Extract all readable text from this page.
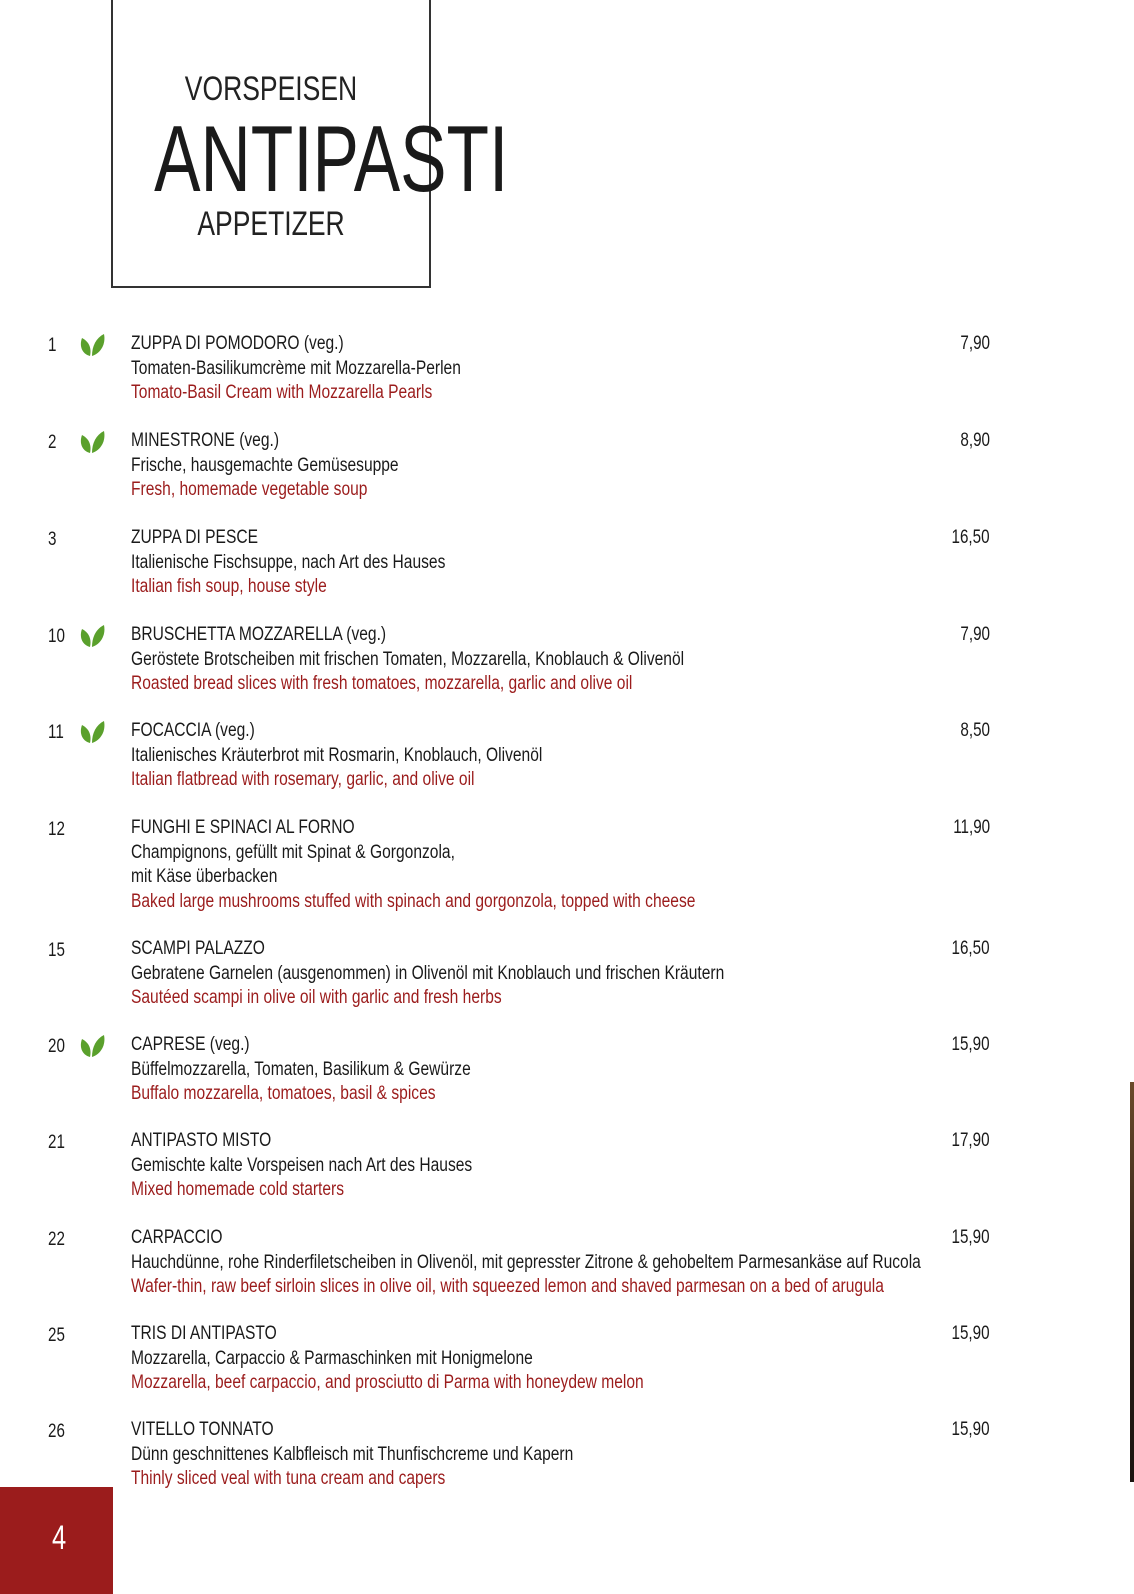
VORSPEISEN
ANTIPASTI
APPETIZER
1	ZUPPA DI POMODORO (veg.)
Tomaten-Basilikumcrème mit Mozzarella-Perlen
Tomato-Basil Cream with Mozzarella Pearls
7,90
2	MINESTRONE (veg.)
Frische, hausgemachte Gemüsesuppe
Fresh, homemade vegetable soup
8,90
3	ZUPPA DI PESCE
Italienische Fischsuppe, nach Art des Hauses
Italian fish soup, house style
16,50
10	BRUSCHETTA MOZZARELLA (veg.)
Geröstete Brotscheiben mit frischen Tomaten, Mozzarella, Knoblauch & Olivenöl
Roasted bread slices with fresh tomatoes, mozzarella, garlic and olive oil
7,90
11	FOCACCIA (veg.)
Italienisches Kräuterbrot mit Rosmarin, Knoblauch, Olivenöl
Italian flatbread with rosemary, garlic, and olive oil
8,50
12	FUNGHI E SPINACI AL FORNO
Champignons, gefüllt mit Spinat & Gorgonzola,
mit Käse überbacken
Baked large mushrooms stuffed with spinach and gorgonzola, topped with cheese
11,90
15	SCAMPI PALAZZO
Gebratene Garnelen (ausgenommen) in Olivenöl mit Knoblauch und frischen Kräutern
Sautéed scampi in olive oil with garlic and fresh herbs
16,50
20	CAPRESE (veg.)
Büffelmozzarella, Tomaten, Basilikum & Gewürze
Buffalo mozzarella, tomatoes, basil & spices
15,90
21	ANTIPASTO MISTO
Gemischte kalte Vorspeisen nach Art des Hauses
Mixed homemade cold starters
17,90
22	CARPACCIO
Hauchdünne, rohe Rinderfiletscheiben in Olivenöl, mit gepresster Zitrone & gehobeltem Parmesankäse auf Rucola
Wafer-thin, raw beef sirloin slices in olive oil, with squeezed lemon and shaved parmesan on a bed of arugula
15,90
25	TRIS DI ANTIPASTO
Mozzarella, Carpaccio & Parmaschinken mit Honigmelone
Mozzarella, beef carpaccio, and prosciutto di Parma with honeydew melon
15,90
26	VITELLO TONNATO
Dünn geschnittenes Kalbfleisch mit Thunfischcreme und Kapern
Thinly sliced veal with tuna cream and capers
15,90
4
